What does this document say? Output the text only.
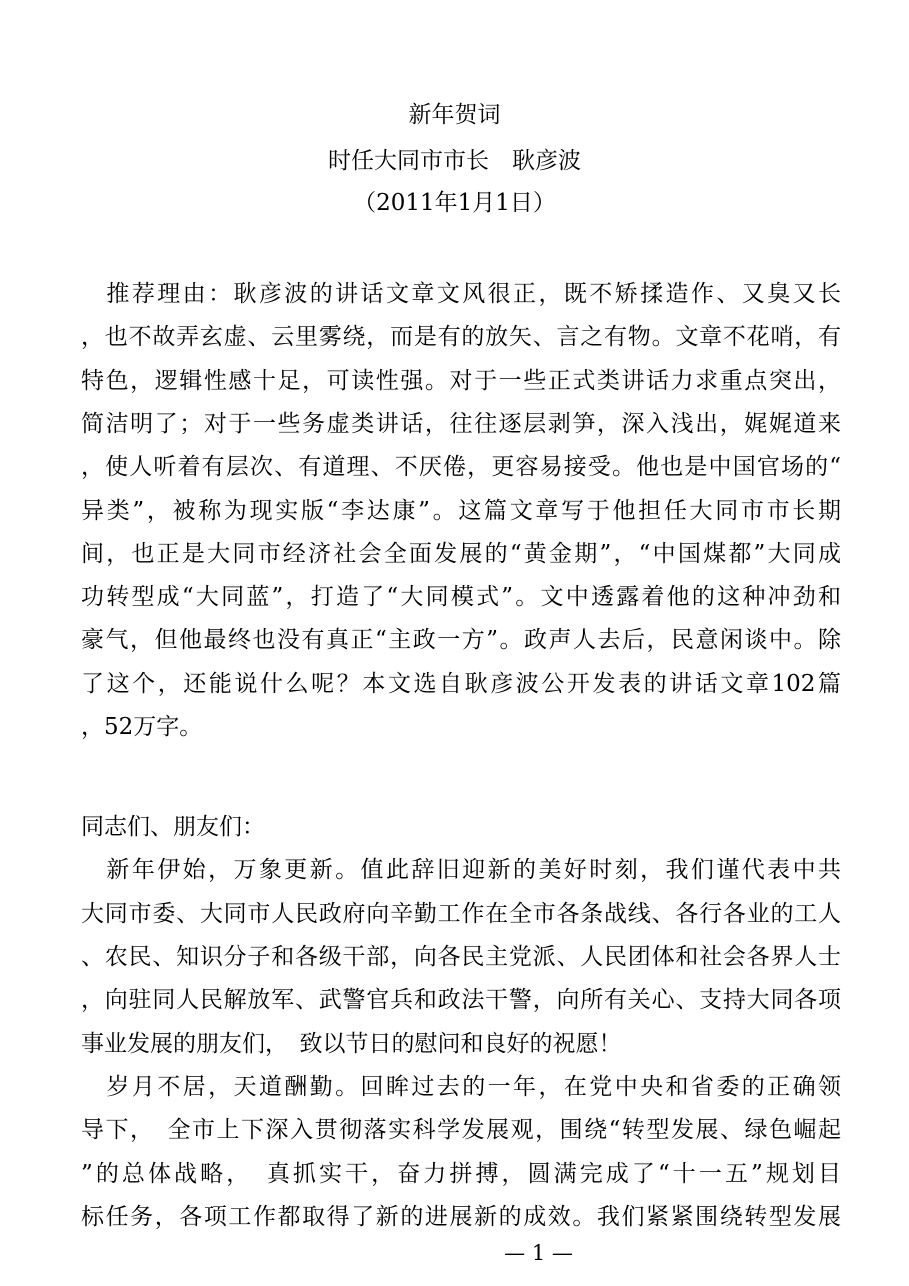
新年贺词
时任大同市市长　耿彦波
（2011年1月1日）
　推荐理由：耿彦波的讲话文章文风很正，既不矫揉造作、又臭又长
，也不故弄玄虚、云里雾绕，而是有的放矢、言之有物。文章不花哨，有
特色，逻辑性感十足，可读性强。对于一些正式类讲话力求重点突出，
简洁明了；对于一些务虚类讲话，往往逐层剥笋，深入浅出，娓娓道来
，使人听着有层次、有道理、不厌倦，更容易接受。他也是中国官场的“
异类”，被称为现实版“李达康”。这篇文章写于他担任大同市市长期
间，也正是大同市经济社会全面发展的“黄金期”，“中国煤都”大同成
功转型成“大同蓝”，打造了“大同模式”。文中透露着他的这种冲劲和
豪气，但他最终也没有真正“主政一方”。政声人去后，民意闲谈中。除
了这个，还能说什么呢？本文选自耿彦波公开发表的讲话文章102篇
，52万字。
同志们、朋友们：
　新年伊始，万象更新。值此辞旧迎新的美好时刻，我们谨代表中共
大同市委、大同市人民政府向辛勤工作在全市各条战线、各行各业的工人
、农民、知识分子和各级干部，向各民主党派、人民团体和社会各界人士
，向驻同人民解放军、武警官兵和政法干警，向所有关心、支持大同各项
事业发展的朋友们，　致以节日的慰问和良好的祝愿！
　岁月不居，天道酬勤。回眸过去的一年，在党中央和省委的正确领
导下，　全市上下深入贯彻落实科学发展观，围绕“转型发展、绿色崛起
”的总体战略，　真抓实干，奋力拼搏，圆满完成了“十一五”规划目
标任务，各项工作都取得了新的进展新的成效。我们紧紧围绕转型发展
— 1 —
